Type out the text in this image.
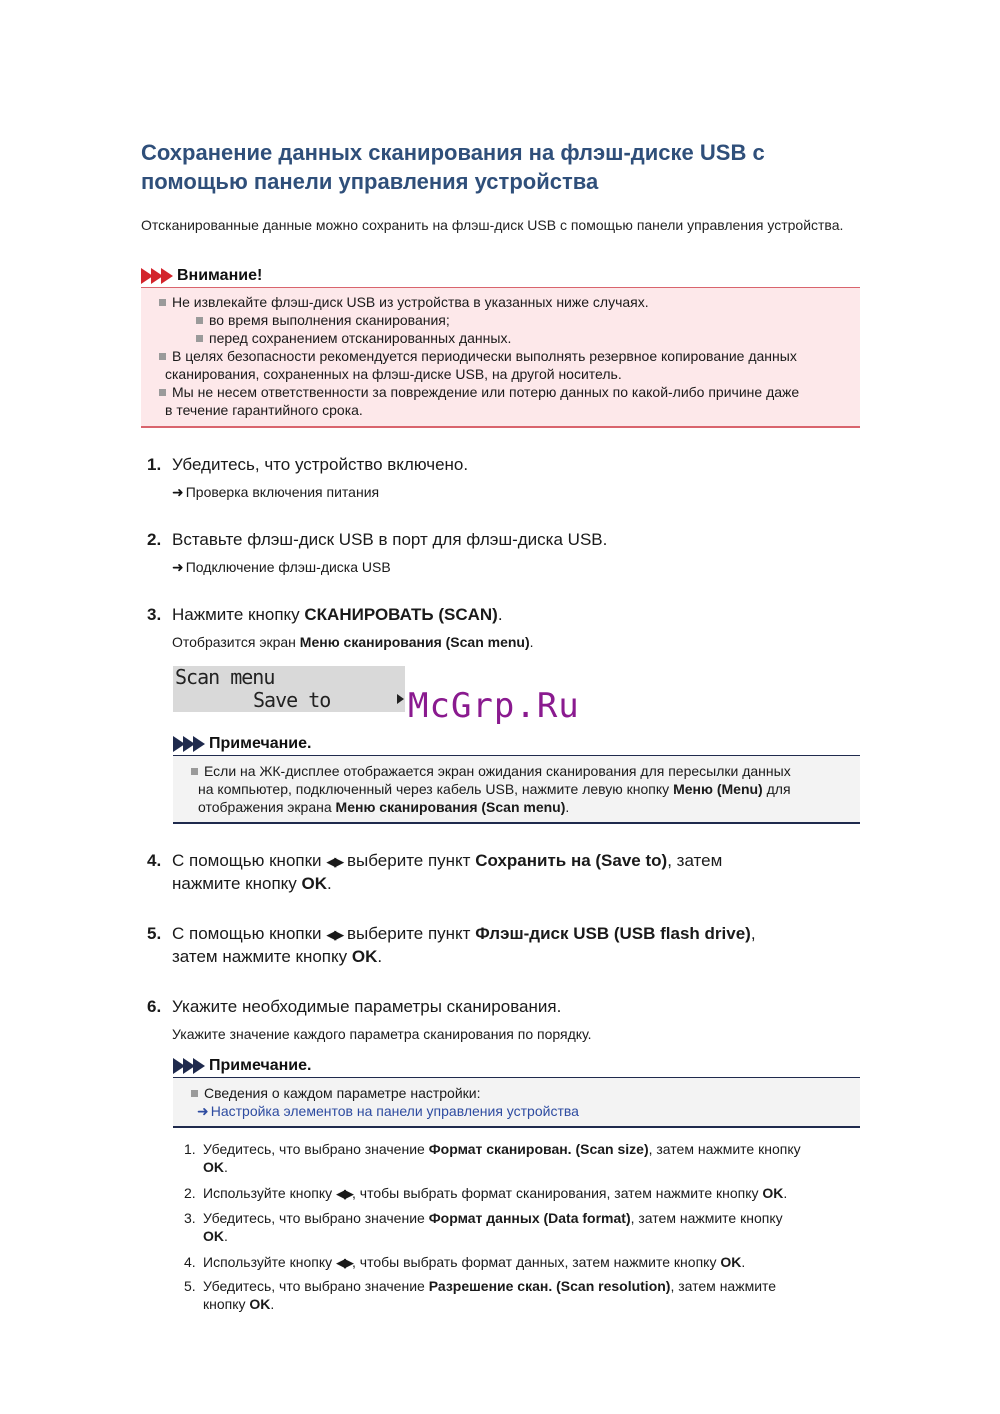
Сохранение данных сканирования на флэш-диске USB с помощью панели управления устройства
Отсканированные данные можно сохранить на флэш-диск USB с помощью панели управления устройства.
Внимание!
Не извлекайте флэш-диск USB из устройства в указанных ниже случаях.
во время выполнения сканирования;
перед сохранением отсканированных данных.
В целях безопасности рекомендуется периодически выполнять резервное копирование данных
сканирования, сохраненных на флэш-диске USB, на другой носитель.
Мы не несем ответственности за повреждение или потерю данных по какой-либо причине даже
в течение гарантийного срока.
1. Убедитесь, что устройство включено.
➜ Проверка включения питания
2. Вставьте флэш-диск USB в порт для флэш-диска USB.
➜ Подключение флэш-диска USB
3. Нажмите кнопку СКАНИРОВАТЬ (SCAN).
Отобразится экран Меню сканирования (Scan menu).
Scan menu
Save to McGrp.Ru
Примечание.
Если на ЖК-дисплее отображается экран ожидания сканирования для пересылки данных
на компьютер, подключенный через кабель USB, нажмите левую кнопку Меню (Menu) для
отображения экрана Меню сканирования (Scan menu).
4. С помощью кнопки ◀▶ выберите пункт Сохранить на (Save to), затем
нажмите кнопку OK.
5. С помощью кнопки ◀▶ выберите пункт Флэш-диск USB (USB flash drive),
затем нажмите кнопку OK.
6. Укажите необходимые параметры сканирования.
Укажите значение каждого параметра сканирования по порядку.
Примечание.
Сведения о каждом параметре настройки:
➜ Настройка элементов на панели управления устройства
1. Убедитесь, что выбрано значение Формат сканирован. (Scan size), затем нажмите кнопку
OK.
2. Используйте кнопку ◀▶, чтобы выбрать формат сканирования, затем нажмите кнопку OK.
3. Убедитесь, что выбрано значение Формат данных (Data format), затем нажмите кнопку
OK.
4. Используйте кнопку ◀▶, чтобы выбрать формат данных, затем нажмите кнопку OK.
5. Убедитесь, что выбрано значение Разрешение скан. (Scan resolution), затем нажмите
кнопку OK.
